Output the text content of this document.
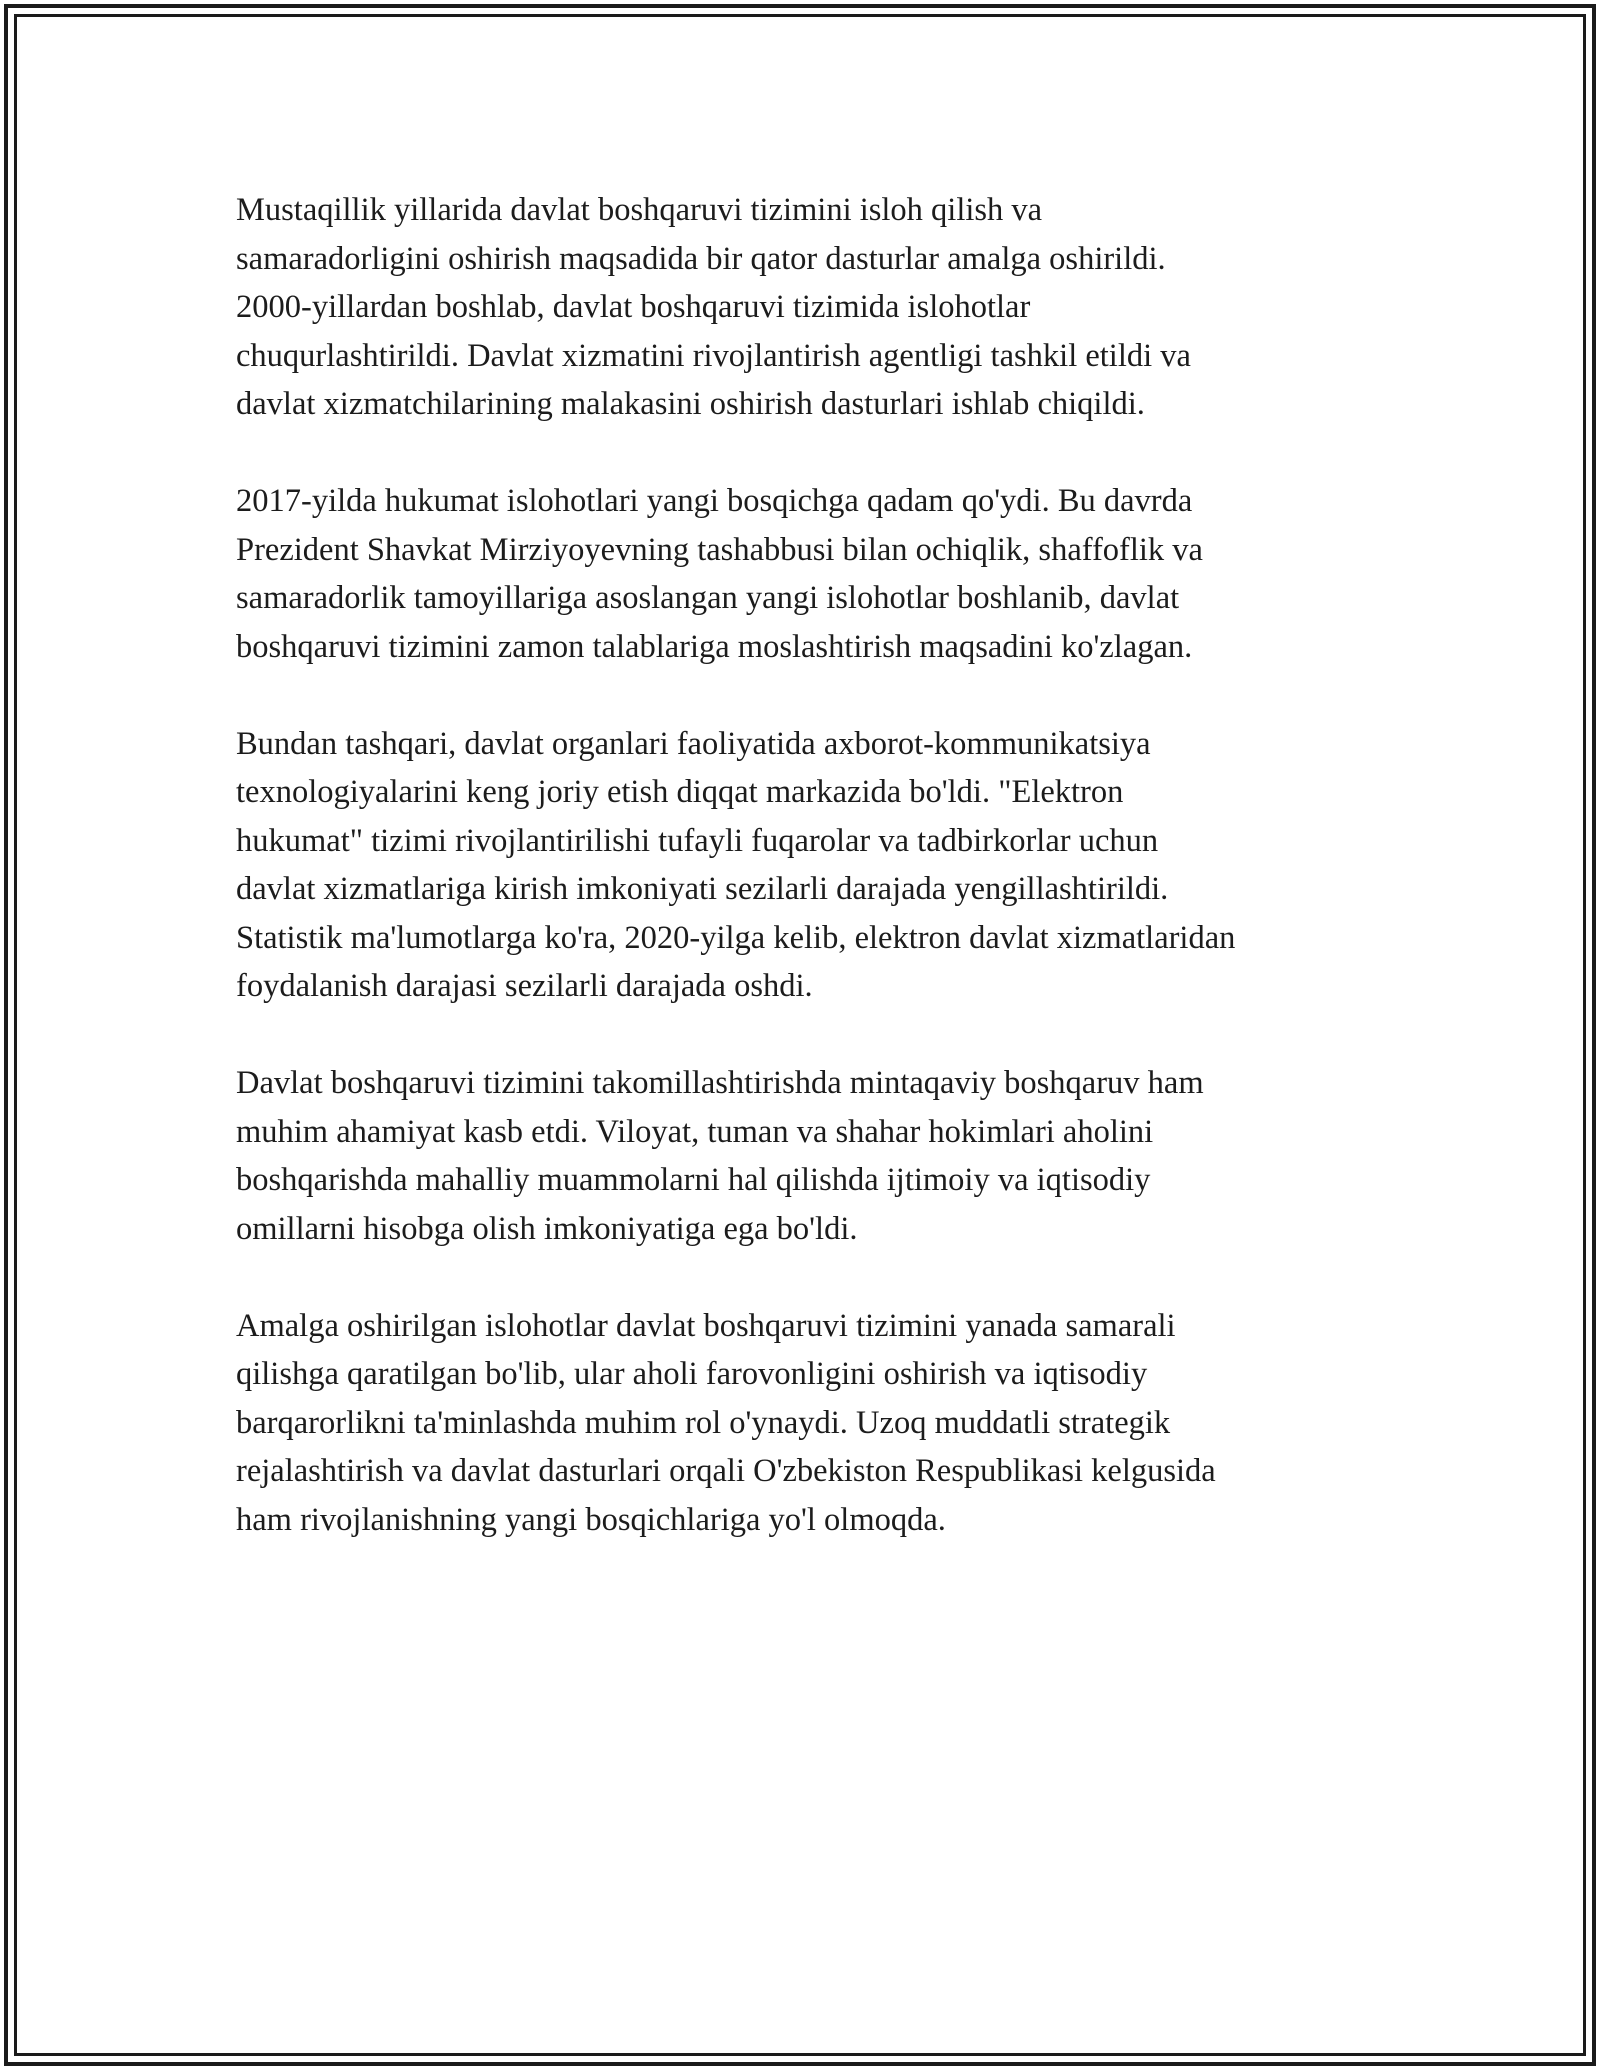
Mustaqillik yillarida davlat boshqaruvi tizimini isloh qilish va
samaradorligini oshirish maqsadida bir qator dasturlar amalga oshirildi.
2000-yillardan boshlab, davlat boshqaruvi tizimida islohotlar
chuqurlashtirildi. Davlat xizmatini rivojlantirish agentligi tashkil etildi va
davlat xizmatchilarining malakasini oshirish dasturlari ishlab chiqildi.

2017-yilda hukumat islohotlari yangi bosqichga qadam qo'ydi. Bu davrda
Prezident Shavkat Mirziyoyevning tashabbusi bilan ochiqlik, shaffoflik va
samaradorlik tamoyillariga asoslangan yangi islohotlar boshlanib, davlat
boshqaruvi tizimini zamon talablariga moslashtirish maqsadini ko'zlagan.

Bundan tashqari, davlat organlari faoliyatida axborot-kommunikatsiya
texnologiyalarini keng joriy etish diqqat markazida bo'ldi. "Elektron
hukumat" tizimi rivojlantirilishi tufayli fuqarolar va tadbirkorlar uchun
davlat xizmatlariga kirish imkoniyati sezilarli darajada yengillashtirildi.
Statistik ma'lumotlarga ko'ra, 2020-yilga kelib, elektron davlat xizmatlaridan
foydalanish darajasi sezilarli darajada oshdi.

Davlat boshqaruvi tizimini takomillashtirishda mintaqaviy boshqaruv ham
muhim ahamiyat kasb etdi. Viloyat, tuman va shahar hokimlari aholini
boshqarishda mahalliy muammolarni hal qilishda ijtimoiy va iqtisodiy
omillarni hisobga olish imkoniyatiga ega bo'ldi.

Amalga oshirilgan islohotlar davlat boshqaruvi tizimini yanada samarali
qilishga qaratilgan bo'lib, ular aholi farovonligini oshirish va iqtisodiy
barqarorlikni ta'minlashda muhim rol o'ynaydi. Uzoq muddatli strategik
rejalashtirish va davlat dasturlari orqali O'zbekiston Respublikasi kelgusida
ham rivojlanishning yangi bosqichlariga yo'l olmoqda.
